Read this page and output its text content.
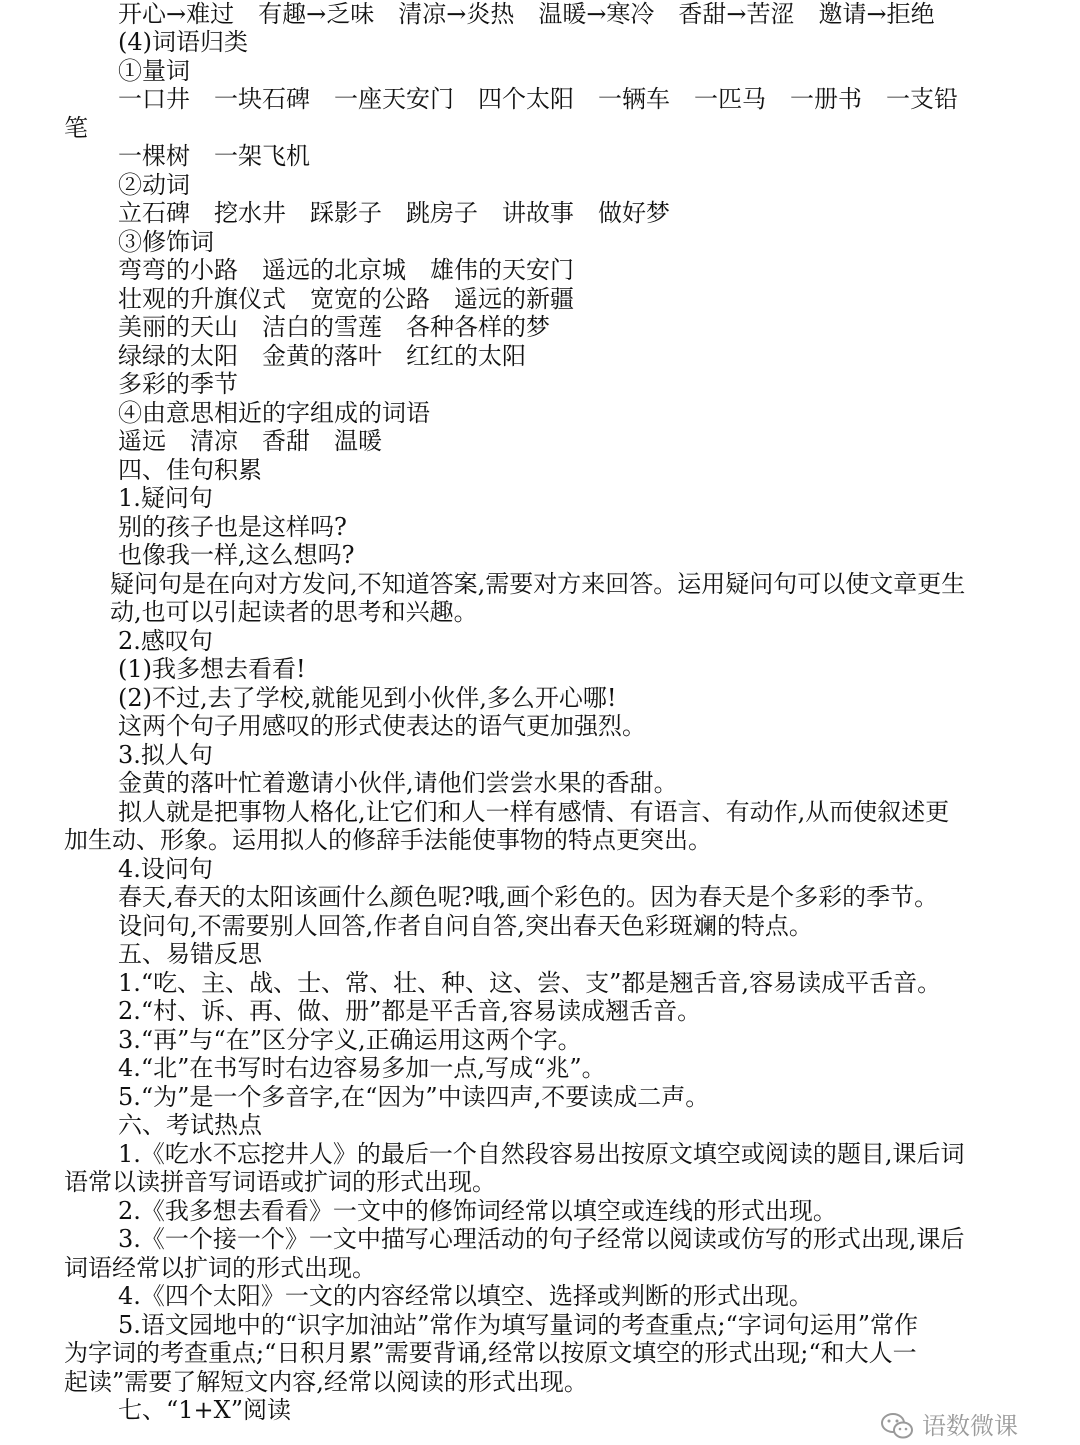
开心→难过　有趣→乏味　清凉→炎热　温暖→寒冷　香甜→苦涩　邀请→拒绝
(4)词语归类
①量词
一口井　一块石碑　一座天安门　四个太阳　一辆车　一匹马　一册书　一支铅
笔
一棵树　一架飞机
②动词
立石碑　挖水井　踩影子　跳房子　讲故事　做好梦
③修饰词
弯弯的小路　遥远的北京城　雄伟的天安门
壮观的升旗仪式　宽宽的公路　遥远的新疆
美丽的天山　洁白的雪莲　各种各样的梦
绿绿的太阳　金黄的落叶　红红的太阳
多彩的季节
④由意思相近的字组成的词语
遥远　清凉　香甜　温暖
四、佳句积累
1.疑问句
别的孩子也是这样吗?
也像我一样,这么想吗?
疑问句是在向对方发问,不知道答案,需要对方来回答。运用疑问句可以使文章更生
动,也可以引起读者的思考和兴趣。
2.感叹句
(1)我多想去看看!
(2)不过,去了学校,就能见到小伙伴,多么开心哪!
这两个句子用感叹的形式使表达的语气更加强烈。
3.拟人句
金黄的落叶忙着邀请小伙伴,请他们尝尝水果的香甜。
拟人就是把事物人格化,让它们和人一样有感情、有语言、有动作,从而使叙述更
加生动、形象。运用拟人的修辞手法能使事物的特点更突出。
4.设问句
春天,春天的太阳该画什么颜色呢?哦,画个彩色的。因为春天是个多彩的季节。
设问句,不需要别人回答,作者自问自答,突出春天色彩斑斓的特点。
五、易错反思
1.“吃、主、战、士、常、壮、种、这、尝、支”都是翘舌音,容易读成平舌音。
2.“村、诉、再、做、册”都是平舌音,容易读成翘舌音。
3.“再”与“在”区分字义,正确运用这两个字。
4.“北”在书写时右边容易多加一点,写成“兆”。
5.“为”是一个多音字,在“因为”中读四声,不要读成二声。
六、考试热点
1.《吃水不忘挖井人》的最后一个自然段容易出按原文填空或阅读的题目,课后词
语常以读拼音写词语或扩词的形式出现。
2.《我多想去看看》一文中的修饰词经常以填空或连线的形式出现。
3.《一个接一个》一文中描写心理活动的句子经常以阅读或仿写的形式出现,课后
词语经常以扩词的形式出现。
4.《四个太阳》一文的内容经常以填空、选择或判断的形式出现。
5.语文园地中的“识字加油站”常作为填写量词的考查重点;“字词句运用”常作
为字词的考查重点;“日积月累”需要背诵,经常以按原文填空的形式出现;“和大人一
起读”需要了解短文内容,经常以阅读的形式出现。
七、“1+X”阅读
语数微课
